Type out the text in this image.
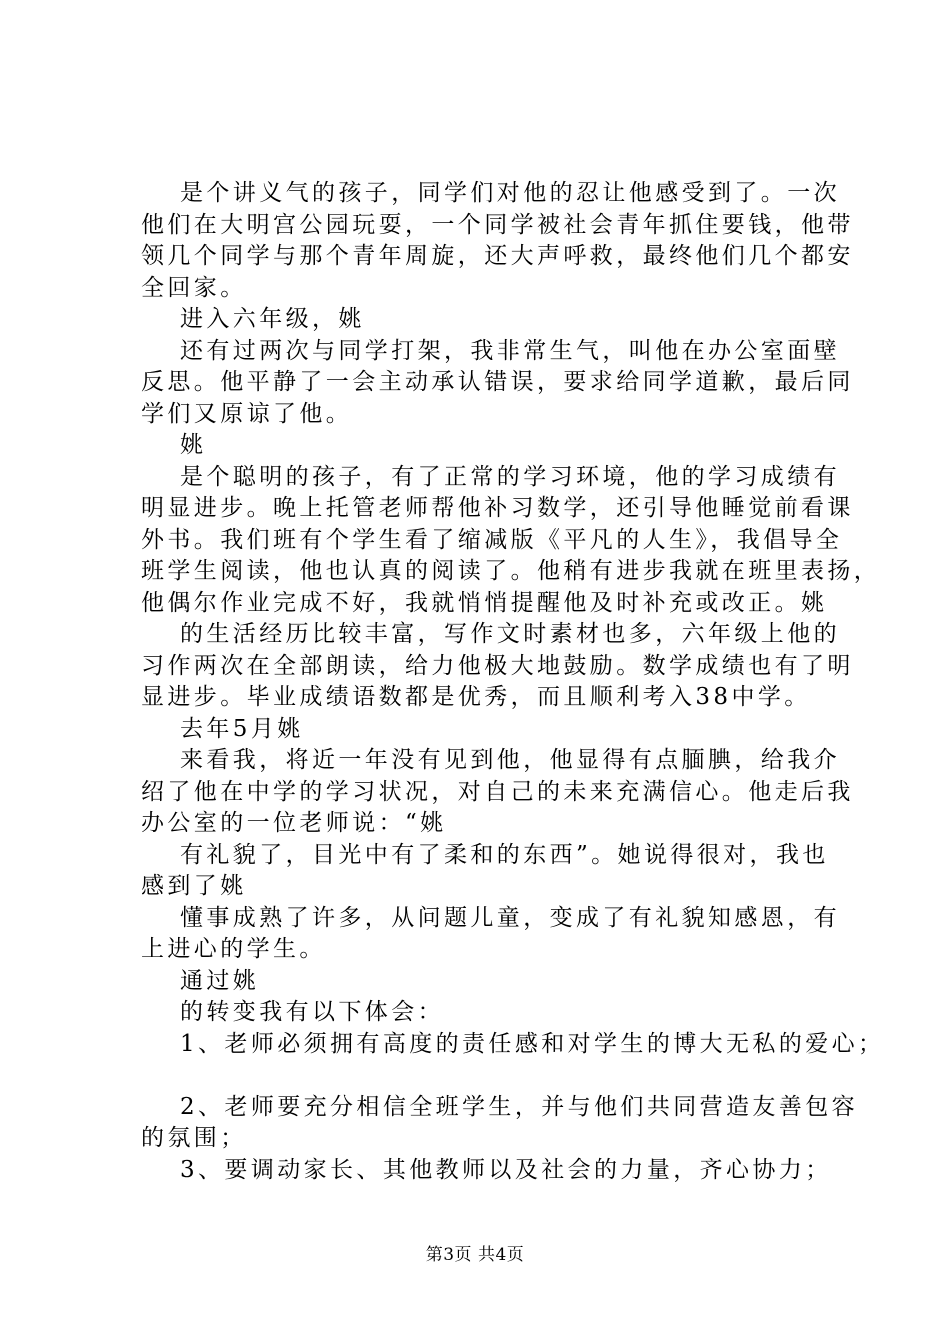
是个讲义气的孩子，同学们对他的忍让他感受到了。一次
他们在大明宫公园玩耍，一个同学被社会青年抓住要钱，他带
领几个同学与那个青年周旋，还大声呼救，最终他们几个都安
全回家。
进入六年级，姚
还有过两次与同学打架，我非常生气，叫他在办公室面壁
反思。他平静了一会主动承认错误，要求给同学道歉，最后同
学们又原谅了他。
姚
是个聪明的孩子，有了正常的学习环境，他的学习成绩有
明显进步。晚上托管老师帮他补习数学，还引导他睡觉前看课
外书。我们班有个学生看了缩减版《平凡的人生》，我倡导全
班学生阅读，他也认真的阅读了。他稍有进步我就在班里表扬，
他偶尔作业完成不好，我就悄悄提醒他及时补充或改正。姚
的生活经历比较丰富，写作文时素材也多，六年级上他的
习作两次在全部朗读，给力他极大地鼓励。数学成绩也有了明
显进步。毕业成绩语数都是优秀，而且顺利考入38中学。
去年5月姚
来看我，将近一年没有见到他，他显得有点腼腆，给我介
绍了他在中学的学习状况，对自己的未来充满信心。他走后我
办公室的一位老师说：“姚
有礼貌了，目光中有了柔和的东西”。她说得很对，我也
感到了姚
懂事成熟了许多，从问题儿童，变成了有礼貌知感恩，有
上进心的学生。
通过姚
的转变我有以下体会：
1、老师必须拥有高度的责任感和对学生的博大无私的爱心；
2、老师要充分相信全班学生，并与他们共同营造友善包容
的氛围；
3、要调动家长、其他教师以及社会的力量，齐心协力；
第3页 共4页
